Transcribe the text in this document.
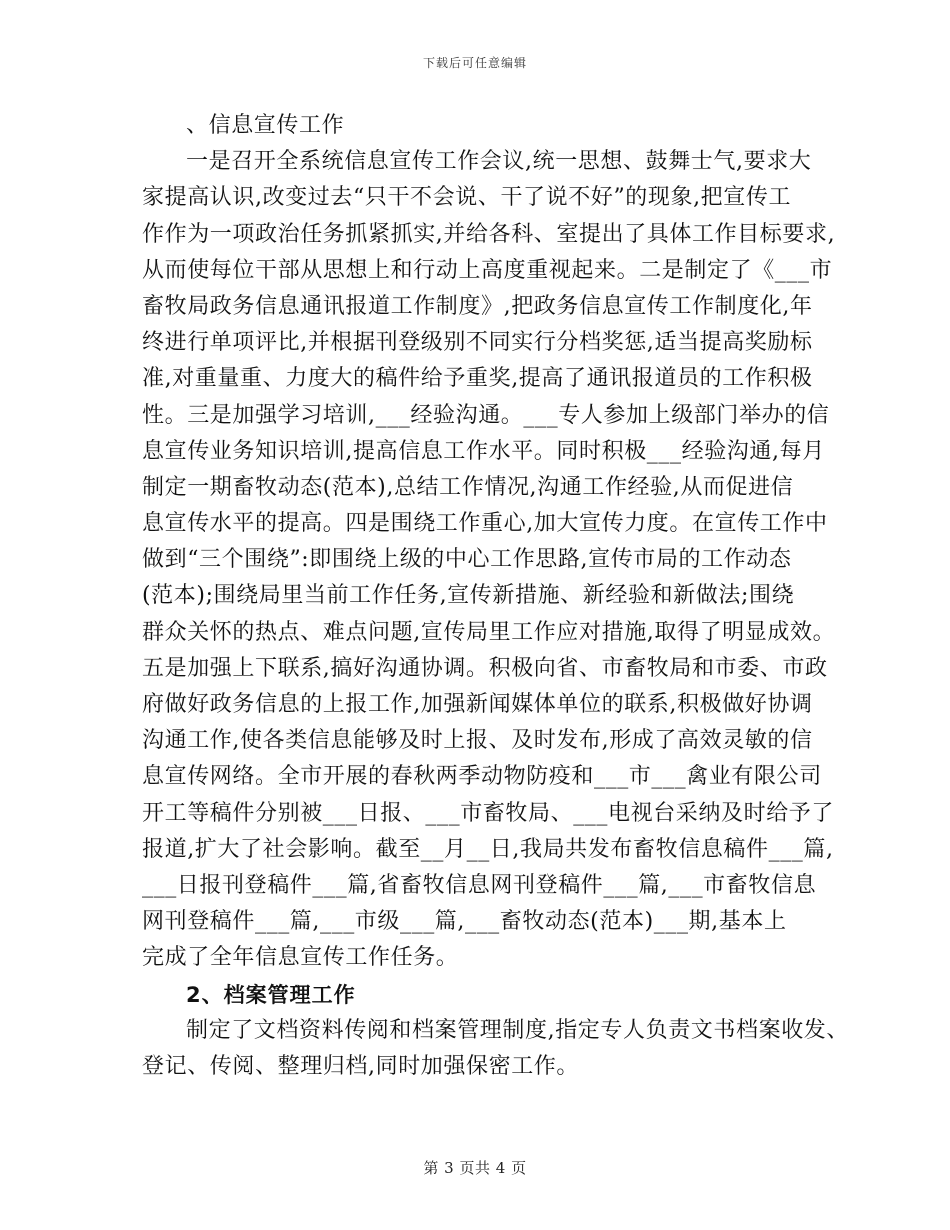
下载后可任意编辑
、信息宣传工作
一是召开全系统信息宣传工作会议,统一思想、鼓舞士气,要求大
家提高认识,改变过去“只干不会说、干了说不好”的现象,把宣传工
作作为一项政治任务抓紧抓实,并给各科、室提出了具体工作目标要求,
从而使每位干部从思想上和行动上高度重视起来。二是制定了《___市
畜牧局政务信息通讯报道工作制度》,把政务信息宣传工作制度化,年
终进行单项评比,并根据刊登级别不同实行分档奖惩,适当提高奖励标
准,对重量重、力度大的稿件给予重奖,提高了通讯报道员的工作积极
性。三是加强学习培训,___经验沟通。___专人参加上级部门举办的信
息宣传业务知识培训,提高信息工作水平。同时积极___经验沟通,每月
制定一期畜牧动态(范本),总结工作情况,沟通工作经验,从而促进信
息宣传水平的提高。四是围绕工作重心,加大宣传力度。在宣传工作中
做到“三个围绕”:即围绕上级的中心工作思路,宣传市局的工作动态
(范本);围绕局里当前工作任务,宣传新措施、新经验和新做法;围绕
群众关怀的热点、难点问题,宣传局里工作应对措施,取得了明显成效。
五是加强上下联系,搞好沟通协调。积极向省、市畜牧局和市委、市政
府做好政务信息的上报工作,加强新闻媒体单位的联系,积极做好协调
沟通工作,使各类信息能够及时上报、及时发布,形成了高效灵敏的信
息宣传网络。全市开展的春秋两季动物防疫和___市___禽业有限公司
开工等稿件分别被___日报、___市畜牧局、___电视台采纳及时给予了
报道,扩大了社会影响。截至__月__日,我局共发布畜牧信息稿件___篇,
___日报刊登稿件___篇,省畜牧信息网刊登稿件___篇,___市畜牧信息
网刊登稿件___篇,___市级___篇,___畜牧动态(范本)___期,基本上
完成了全年信息宣传工作任务。
2、档案管理工作
制定了文档资料传阅和档案管理制度,指定专人负责文书档案收发、
登记、传阅、整理归档,同时加强保密工作。
第 3 页共 4 页
